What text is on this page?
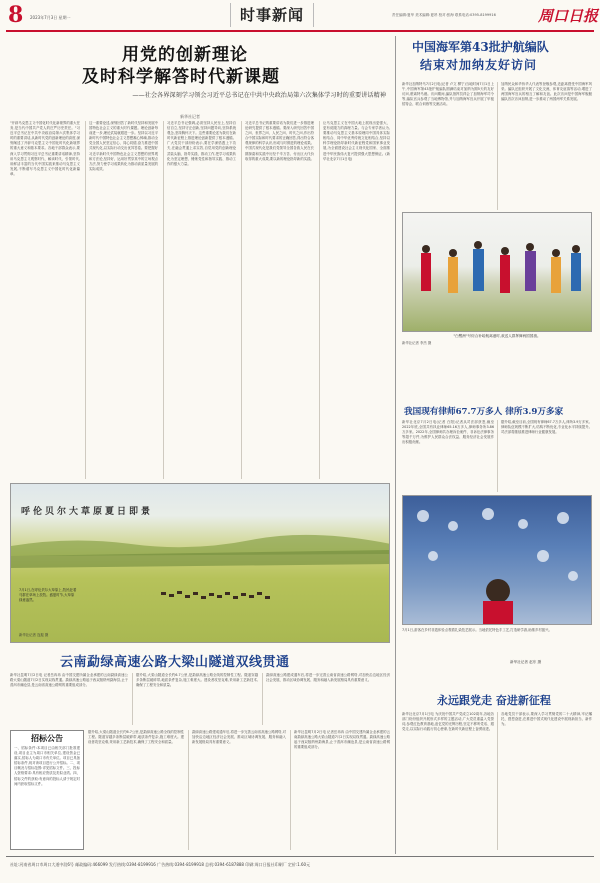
8 2023年7月3日 星期一	时事新闻	责任编辑:夏华 美术编辑:夏昂 校对:张海 联系电话:0395-8199916	周口日报
用党的创新理论
及时科学解答时代新课题
——社会各界深刻学习领会习近平总书记在中共中央政治局第六次集体学习时的重要讲话精神
新华社记者
"开辟马克思主义中国化时代化新境界的重大任务,是当代中国共产党人的庄严历史责任。"习近平总书记在中共中央政治局第六次集体学习时的重要讲话,从新时代党的创新理论的高度,深刻阐述了开辟马克思主义中国化时代化新境界的重大意义和基本要求。各地干部群众表示,要深入学习贯彻习近平总书记重要讲话精神,坚持用马克思主义观察时代、解读时代、引领时代,用鲜活丰富的当代中国实践来推动马克思主义发展,不断谱写马克思主义中国化时代化新篇章。
这一重要论述,深刻回答了新时代坚持和发展中国特色社会主义的重大时代课题。理论创新每前进一步,理论武装就跟进一步。坚持以习近平新时代中国特色社会主义思想凝心铸魂,推动全党全国人民坚定信心、同心同德,奋力推进中国式现代化,以实际行动交出优异答卷。要把握好习近平新时代中国特色社会主义思想的世界观和方法论,坚持好、运用好贯穿其中的立场观点方法,努力使学习成果转化为推动高质量发展的实际成效。
习近平总书记强调,必须坚持人民至上,坚持自信自立,坚持守正创新,坚持问题导向,坚持系统观念,坚持胸怀天下。这些重要论述为我们在新时代新征程上推进理论创新提供了根本遵循。广大党员干部纷纷表示,要在学深悟透上下功夫,在融会贯通上求实效,自觉用党的创新理论武装头脑、指导实践、推动工作,把学习成果转化为坚定理想、锤炼党性和指导实践、推动工作的强大力量。
习近平总书记的重要讲话为我们进一步推进理论研究提供了根本遵循。要深入研究回答中国之问、世界之问、人民之问、时代之问,作出符合中国实际和时代要求的正确回答,得出符合客观规律的科学认识,形成与时俱进的理论成果。中国式现代化是我们党领导全国各族人民在长期探索和实践中历经千辛万苦、付出巨大代价取得的重大成果,要以新的理论指导新的实践。
让马克思主义在中国大地上展现出更强大、更有说服力的真理力量。与会专家学者认为,要推动马克思主义基本原理同中国具体实际相结合、同中华优秀传统文化相结合,坚持以科学理论指导新时代新征程党和国家事业发展,为全面建设社会主义现代化国家、全面推进中华民族伟大复兴提供强大思想保证。(新华社北京7月1日电)
呼伦贝尔大草原夏日即景
7月1日,在呼伦贝尔大草原上,牧民赶着马群在草场上放牧。盛夏时节,大草原绿意盎然。
新华社记者 连振 摄
云南勐绿高速公路大梁山隧道双线贯通
新华社昆明7月2日电 记者岳冉冉 由中国交建所属企业承建的云南勐绿高速公路大梁山隧道7月2日实现双线贯通。勐绿高速公路起于西双版纳州勐海县,止于普洱市澜沧县,是云南省高速公路网的重要组成部分。
据介绍,大梁山隧道全长约6.7公里,是勐绿高速公路全线的控制性工程。隧道穿越多条断层破碎带,地质条件复杂,施工难度大。建设者攻坚克难,采用新工艺新技术,确保了工程安全和质量。
勐绿高速公路建成通车后,将进一步完善云南省高速公路网络,对加快沿边地区经济社会发展、推动区域协调发展、服务和融入新发展格局具有重要意义。
招标公告
一、招标条件:本项目已由相关部门批准建设,项目业主为周口市相关单位,建设资金已落实,招标人为周口市有关单位。项目已具备招标条件,现对该项目进行公开招标。二、项目概况与招标范围:详见招标文件。三、投标人资格要求:具有相应资质及类似业绩。四、招标文件的获取:有意向的投标人请于规定时间内获取招标文件。
据介绍,大梁山隧道全长约6.7公里,是勐绿高速公路全线的控制性工程。隧道穿越多条断层破碎带,地质条件复杂,施工难度大。建设者攻坚克难,采用新工艺新技术,确保了工程安全和质量。
勐绿高速公路建成通车后,将进一步完善云南省高速公路网络,对加快沿边地区经济社会发展、推动区域协调发展、服务和融入新发展格局具有重要意义。
新华社昆明7月2日电 记者岳冉冉 由中国交建所属企业承建的云南勐绿高速公路大梁山隧道7月2日实现双线贯通。勐绿高速公路起于西双版纳州勐海县,止于普洱市澜沧县,是云南省高速公路网的重要组成部分。
中国海军第43批护航编队
结束对加纳友好访问
新华社加纳特马7月2日电(记者 卢文 柳宁)当地时间7月1日上午,中国海军第43批护航编队圆满结束对加纳为期5天的友好访问,驶离特马港。访问期间,编队指挥员拜会了加纳海军司令等,编队官兵参观了当地博物馆,并与加纳海军官兵开展了甲板招待会、联合训练等交流活动。
加纳民众和华侨华人代表等登舰参观,近距离感受中国海军风采。编队还组织开展了文化交流、体育友谊赛等活动,增进了两国海军官兵的相互了解和友谊。此次访问是中国海军舰艇编队首次访问加纳,进一步推动了两国两军关系发展。
"白鹭洲"号综合补给舰离港时,欢送人群挥舞两国国旗。
新华社记者 李杰 摄
我国现有律师67.7万多人 律所3.9万多家
新华社北京7月2日电(记者 白阳)记者从司法部获悉,截至2022年底,全国共有执业律师65.16万多人,律师事务所3.86万多家。2022年,全国律师共办理诉讼案件、非诉讼法律事务等超千万件,为维护人民群众合法权益、服务经济社会发展作出积极贡献。
据介绍,截至目前,全国现有律师67.7万多人,律所3.9万多家。律师队伍规模不断扩大,结构不断优化,专业化水平持续提升。司法部将继续推进律师行业健康发展。
7月1日,游客在乡村非遗体验点观看扎染技艺展示。当地依托特色手工艺,打造研学游,助推乡村振兴。
新华社记者 赵东 摄
永远跟党走 奋进新征程
新华社北京7月1日电 为庆祝中国共产党成立102周年,各地各部门纷纷组织开展形式多样的主题活动,广大党员重温入党誓词,参观红色教育基地,追忆党的光辉历程,坚定不移听党话、跟党走,以实际行动践行初心使命,在新时代新征程上奋勇前进。
各地党员干部表示,要深入学习贯彻党的二十大精神,牢记嘱托、感恩奋进,在推进中国式现代化建设中展现新担当、新作为。
社址:河南省周口市周口大道中段6号 邮政编码:466099 发行热线:0394-8199916 广告热线:0394-8199918 总机:0394-6187888 印刷:周口日报社印刷厂 定价:1.60元
